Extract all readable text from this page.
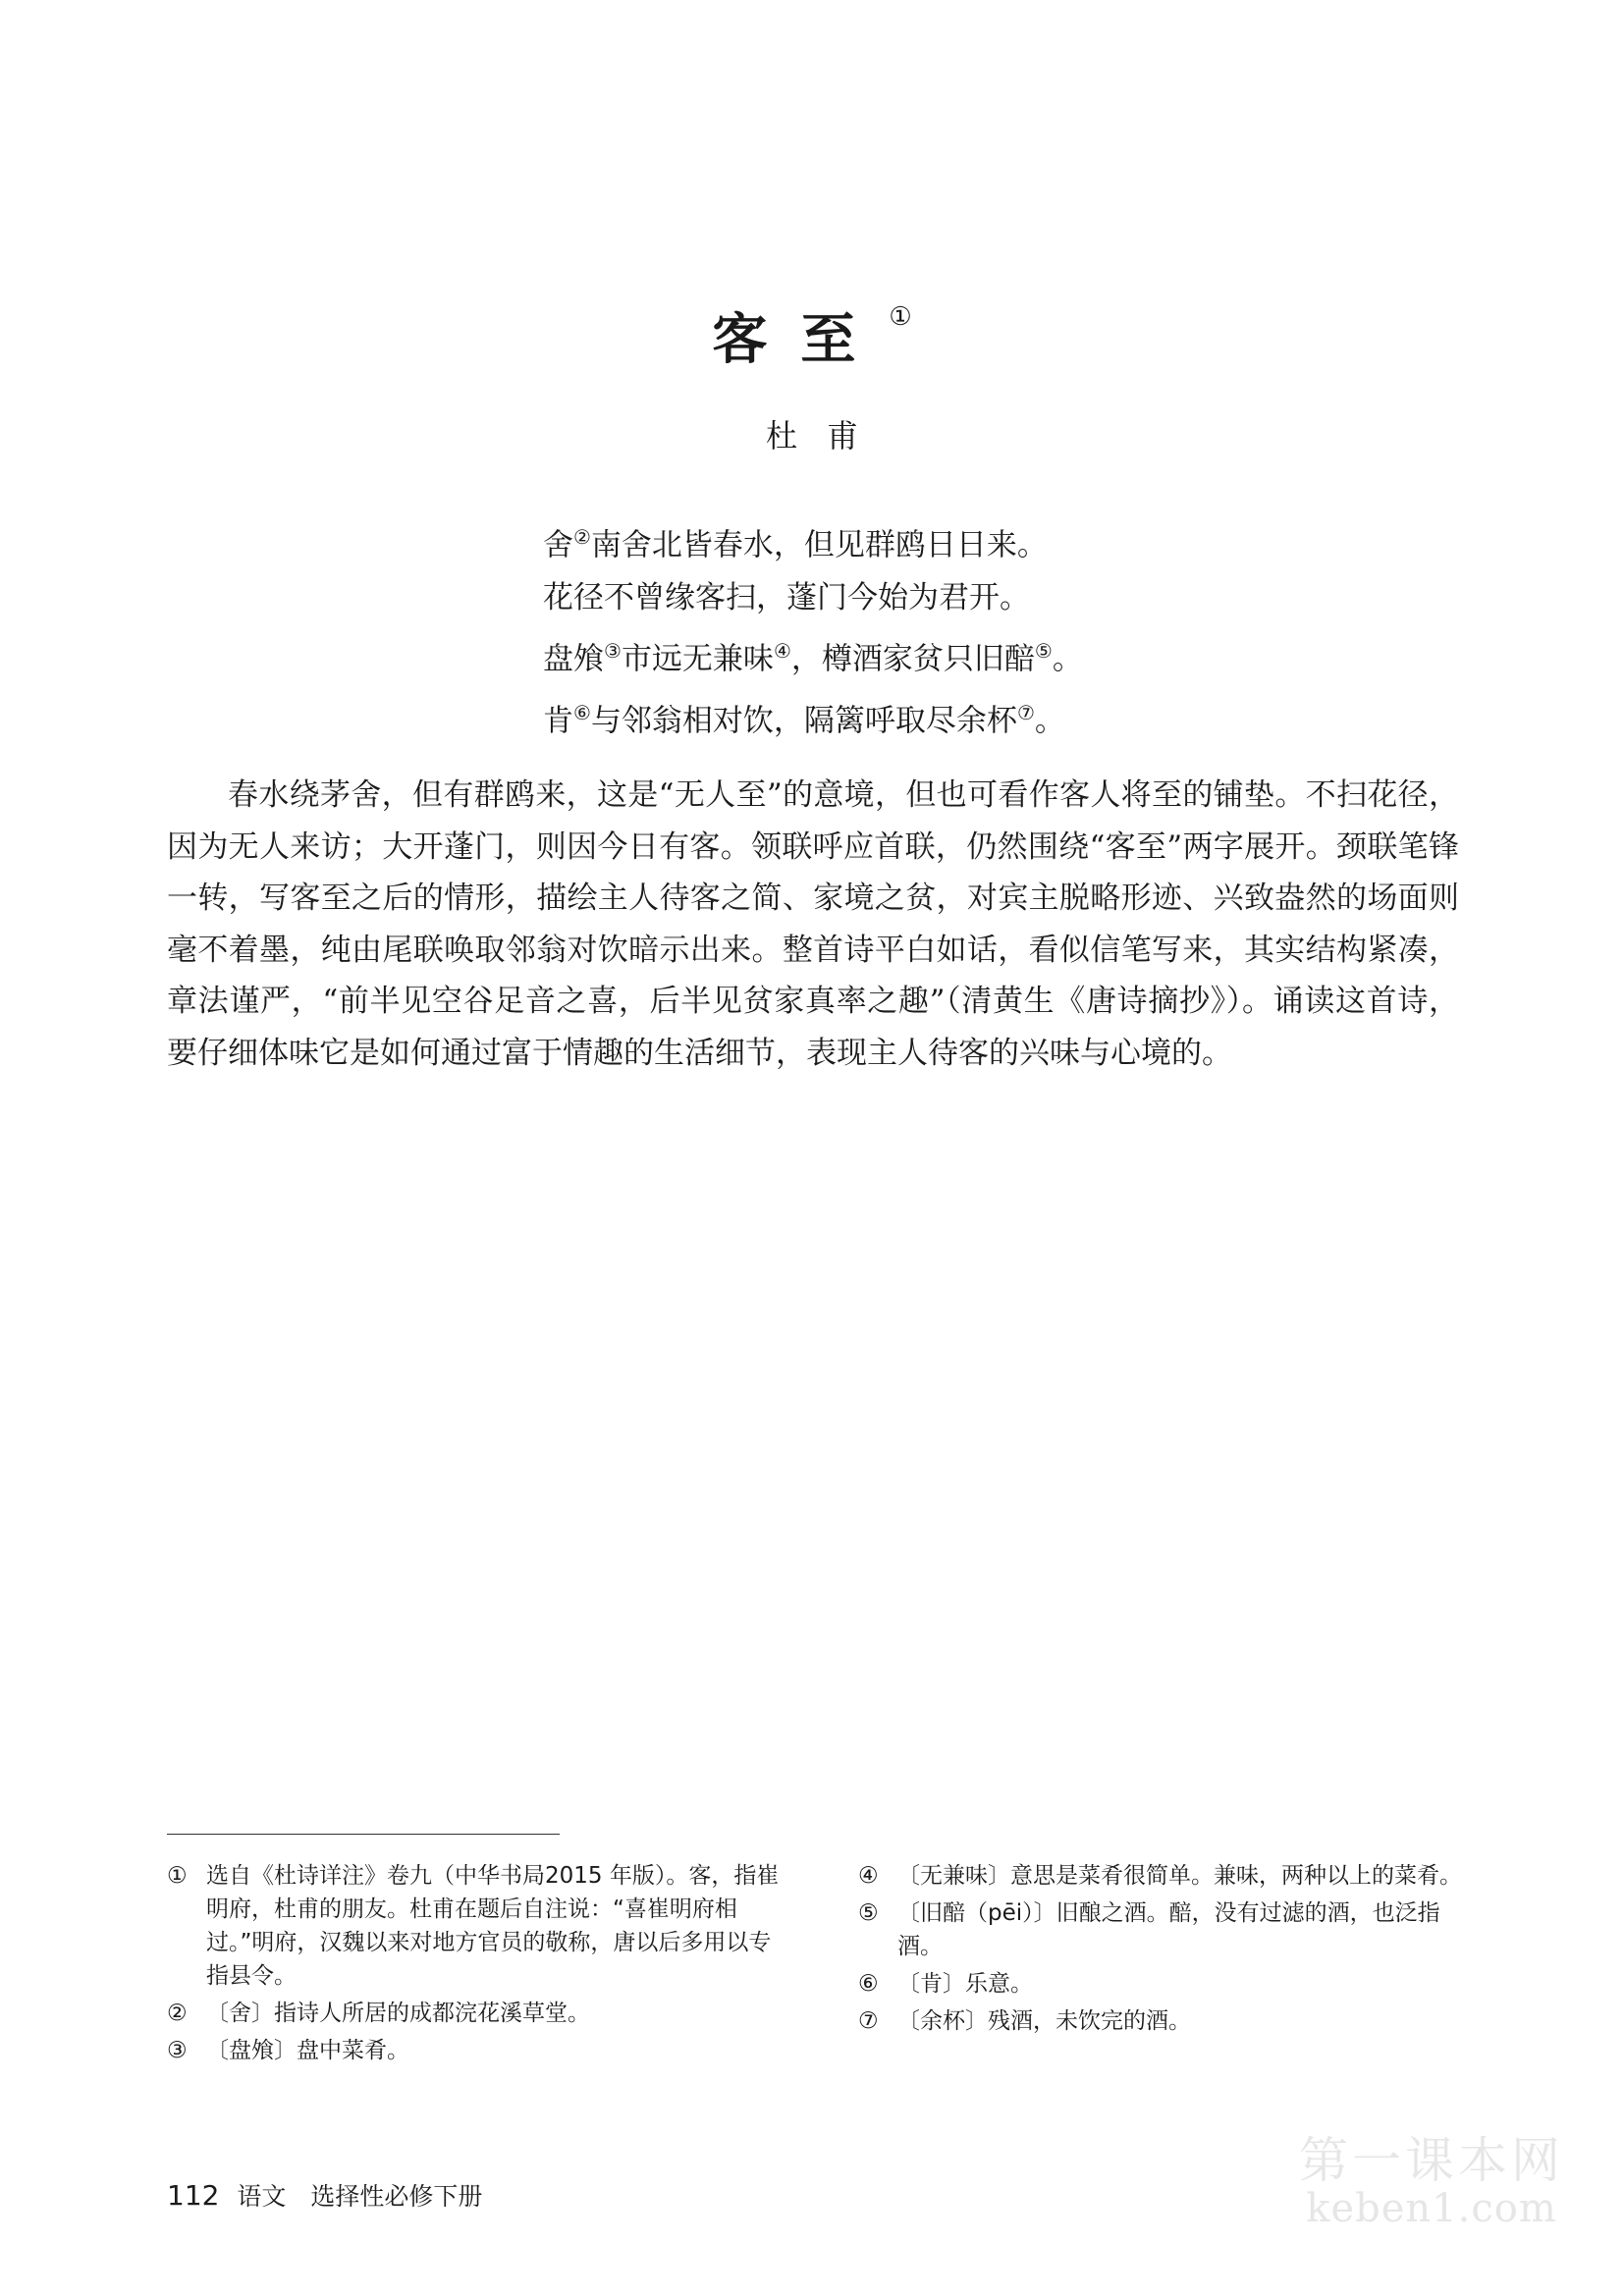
客至①
杜甫
舍②南舍北皆春水，但见群鸥日日来。
花径不曾缘客扫，蓬门今始为君开。
盘飧③市远无兼味④，樽酒家贫只旧醅⑤。
肯⑥与邻翁相对饮，隔篱呼取尽余杯⑦。
春水绕茅舍，但有群鸥来，这是“无人至”的意境，但也可看作客人将至的铺垫。不扫花径，因为无人来访；大开蓬门，则因今日有客。领联呼应首联，仍然围绕“客至”两字展开。颈联笔锋一转，写客至之后的情形，描绘主人待客之简、家境之贫，对宾主脱略形迹、兴致盎然的场面则毫不着墨，纯由尾联唤取邻翁对饮暗示出来。整首诗平白如话，看似信笔写来，其实结构紧凑，章法谨严，“前半见空谷足音之喜，后半见贫家真率之趣”（清黄生《唐诗摘抄》）。诵读这首诗，要仔细体味它是如何通过富于情趣的生活细节，表现主人待客的兴味与心境的。
① 选自《杜诗详注》卷九（中华书局2015 年版）。客，指崔明府，杜甫的朋友。杜甫在题后自注说：“喜崔明府相过。”明府，汉魏以来对地方官员的敬称，唐以后多用以专指县令。
② 〔舍〕指诗人所居的成都浣花溪草堂。
③ 〔盘飧〕盘中菜肴。
④ 〔无兼味〕意思是菜肴很简单。兼味，两种以上的菜肴。
⑤ 〔旧醅（pēi）〕旧酿之酒。醅，没有过滤的酒，也泛指酒。
⑥ 〔肯〕乐意。
⑦ 〔余杯〕残酒，未饮完的酒。
112 语文　选择性必修下册
第一课本网
keben1.com
